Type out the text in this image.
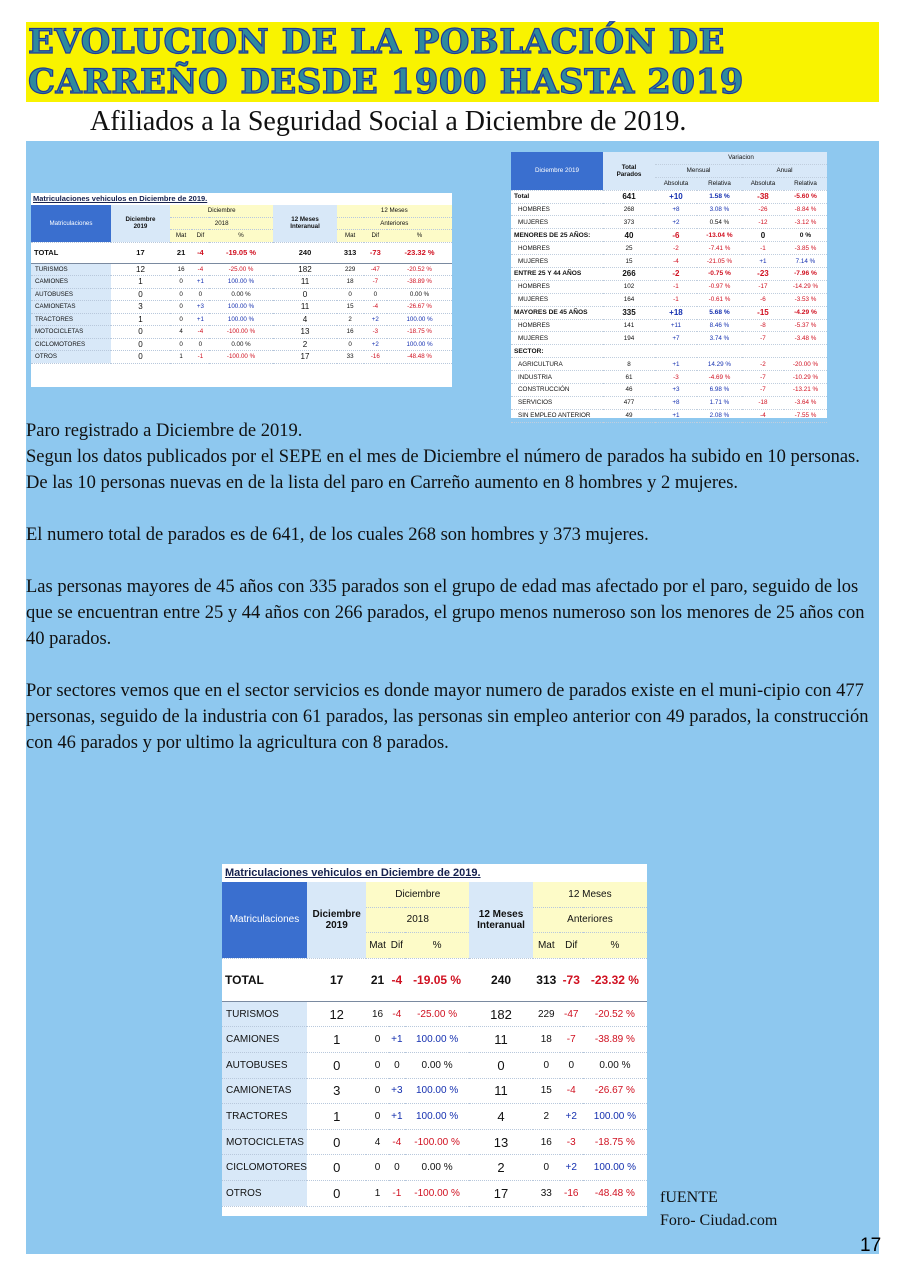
EVOLUCION DE LA POBLACIÓN DE
CARREÑO DESDE 1900 HASTA 2019
Afiliados a la Seguridad Social a Diciembre de 2019.
Matriculaciones vehiculos en Diciembre de 2019.
Matriculaciones	Diciembre
2019	Diciembre			12 Meses
Interanual	12 Meses		
		2018				Anteriores		
		Mat	Dif	%		Mat	Dif	%
TOTAL	17	21	-4	-19.05 %	240	313	-73	-23.32 %
TURISMOS	12	16	-4	-25.00 %	182	229	-47	-20.52 %
CAMIONES	1	0	+1	100.00 %	11	18	-7	-38.89 %
AUTOBUSES	0	0	0	0.00 %	0	0	0	0.00 %
CAMIONETAS	3	0	+3	100.00 %	11	15	-4	-26.67 %
TRACTORES	1	0	+1	100.00 %	4	2	+2	100.00 %
MOTOCICLETAS	0	4	-4	-100.00 %	13	16	-3	-18.75 %
CICLOMOTORES	0	0	0	0.00 %	2	0	+2	100.00 %
OTROS	0	1	-1	-100.00 %	17	33	-16	-48.48 %
Diciembre 2019	Total
Parados	Variacion			
		Mensual		Anual	
		Absoluta	Relativa	Absoluta	Relativa
Total	641	+10	1.58 %	-38	-5.60 %
HOMBRES	268	+8	3.08 %	-26	-8.84 %
MUJERES	373	+2	0.54 %	-12	-3.12 %
MENORES DE 25 AÑOS:	40	-6	-13.04 %	0	0 %
HOMBRES	25	-2	-7.41 %	-1	-3.85 %
MUJERES	15	-4	-21.05 %	+1	7.14 %
ENTRE 25 Y 44 AÑOS	266	-2	-0.75 %	-23	-7.96 %
HOMBRES	102	-1	-0.97 %	-17	-14.29 %
MUJERES	164	-1	-0.61 %	-6	-3.53 %
MAYORES DE 45 AÑOS	335	+18	5.68 %	-15	-4.29 %
HOMBRES	141	+11	8.46 %	-8	-5.37 %
MUJERES	194	+7	3.74 %	-7	-3.48 %
SECTOR:					
AGRICULTURA	8	+1	14.29 %	-2	-20.00 %
INDUSTRIA	61	-3	-4.69 %	-7	-10.29 %
CONSTRUCCIÓN	46	+3	6.98 %	-7	-13.21 %
SERVICIOS	477	+8	1.71 %	-18	-3.64 %
SIN EMPLEO ANTERIOR	49	+1	2.08 %	-4	-7.55 %

Paro registrado a Diciembre de 2019.
Segun los datos publicados por el SEPE en el mes de Diciembre el número de parados ha subido en 10 personas. De las 10 personas nuevas en de la lista del paro en Carreño aumento en 8 hombres y 2 mujeres.

El numero total de parados es de 641, de los cuales 268 son hombres y 373 mujeres.

Las personas mayores de 45 años con 335 parados son el grupo de edad mas afectado por el paro, seguido de los que se encuentran entre 25 y 44 años con 266 parados, el grupo menos numeroso son los menores de 25 años con 40 parados.

Por sectores vemos que en el sector servicios es donde mayor numero de parados existe en el muni-cipio con 477 personas, seguido de la industria con 61 parados, las personas sin empleo anterior con 49 parados, la construcción con 46 parados y por ultimo la agricultura con 8 parados.

Matriculaciones vehiculos en Diciembre de 2019.
Matriculaciones	Diciembre
2019	Diciembre			12 Meses
Interanual	12 Meses		
		2018				Anteriores		
		Mat	Dif	%		Mat	Dif	%
TOTAL	17	21	-4	-19.05 %	240	313	-73	-23.32 %
TURISMOS	12	16	-4	-25.00 %	182	229	-47	-20.52 %
CAMIONES	1	0	+1	100.00 %	11	18	-7	-38.89 %
AUTOBUSES	0	0	0	0.00 %	0	0	0	0.00 %
CAMIONETAS	3	0	+3	100.00 %	11	15	-4	-26.67 %
TRACTORES	1	0	+1	100.00 %	4	2	+2	100.00 %
MOTOCICLETAS	0	4	-4	-100.00 %	13	16	-3	-18.75 %
CICLOMOTORES	0	0	0	0.00 %	2	0	+2	100.00 %
OTROS	0	1	-1	-100.00 %	17	33	-16	-48.48 % fUENTE
Foro- Ciudad.com
17
